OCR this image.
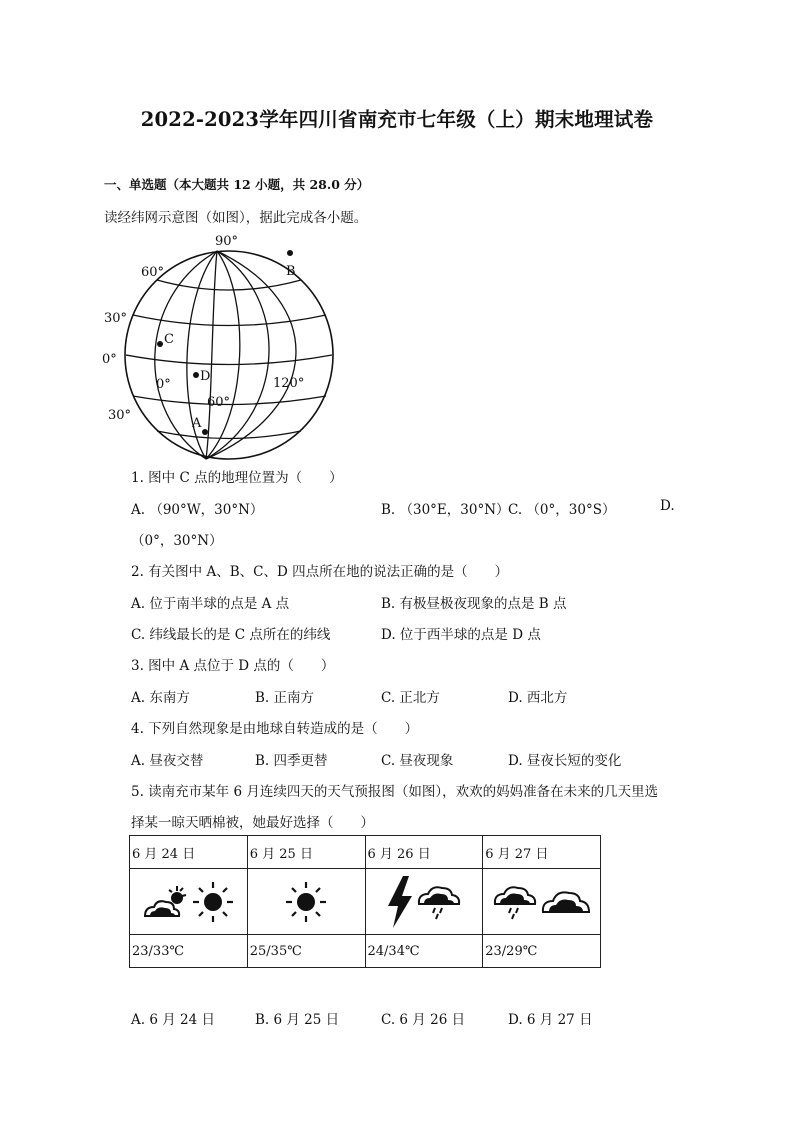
2022-2023学年四川省南充市七年级（上）期末地理试卷
一、单选题（本大题共 12 小题，共 28.0 分）
读经纬网示意图（如图），据此完成各小题。
90°
60°
30°
0°
30°
0°
60°
120°
B
C
D
A
1. 图中 C 点的地理位置为（　　）
A. （90°W，30°N）	B. （30°E，30°N）
C. （0°，30°S）	D.
（0°，30°N）
2. 有关图中 A、B、C、D 四点所在地的说法正确的是（　　）
A. 位于南半球的点是 A 点	B. 有极昼极夜现象的点是 B 点
C. 纬线最长的是 C 点所在的纬线	D. 位于西半球的点是 D 点
3. 图中 A 点位于 D 点的（　　）
A. 东南方	B. 正南方	C. 正北方	D. 西北方
4. 下列自然现象是由地球自转造成的是（　　）
A. 昼夜交替	B. 四季更替	C. 昼夜现象	D. 昼夜长短的变化
5. 读南充市某年 6 月连续四天的天气预报图（如图），欢欢的妈妈准备在未来的几天里选
择某一晾天晒棉被，她最好选择（　　）
6 月 24 日	6 月 25 日	6 月 26 日	6 月 27 日

23/33℃	25/35℃	24/34℃	23/29℃
A. 6 月 24 日	B. 6 月 25 日	C. 6 月 26 日	D. 6 月 27 日
